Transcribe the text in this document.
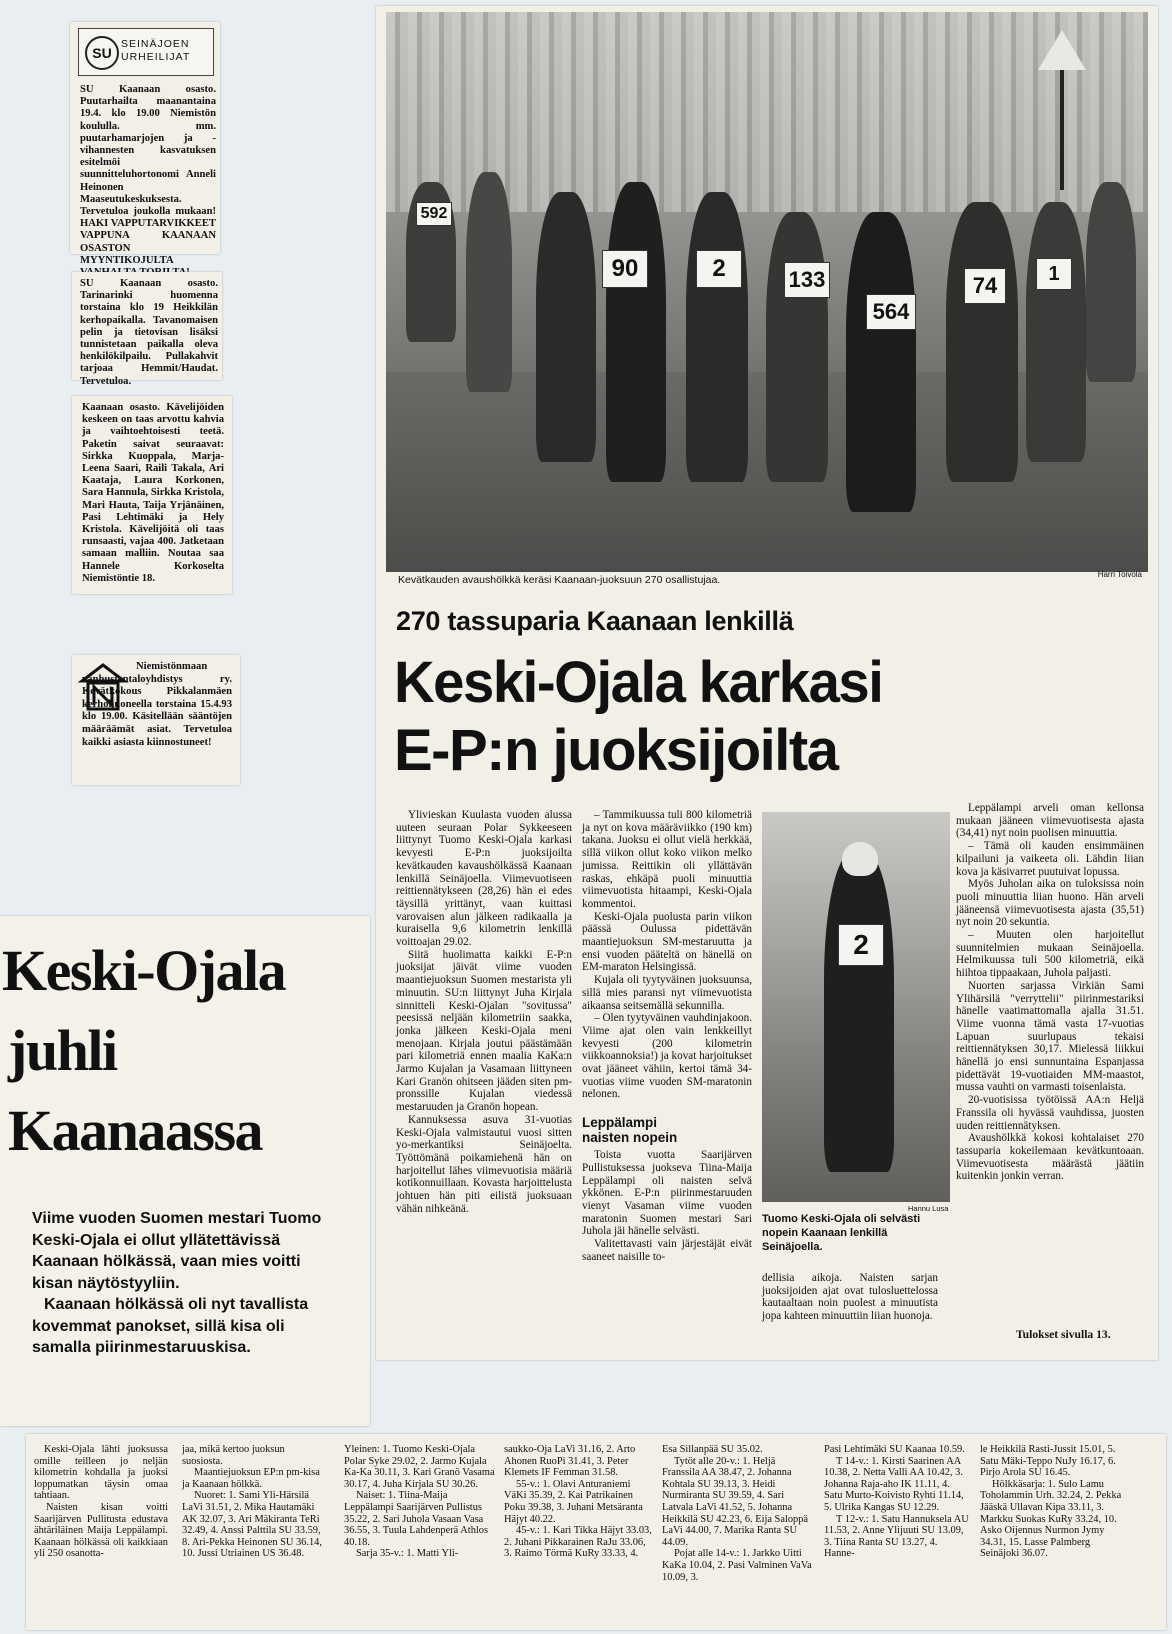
SU
SEINÄJOEN URHEILIJAT
SU Kaanaan osasto. Puutarhailta maanantaina 19.4. klo 19.00 Niemistön koululla. mm. puutarhamarjojen ja -vihannesten kasvatuksen esitelmöi suunnitteluhortonomi Anneli Heinonen Maaseutukeskuksesta. Tervetuloa joukolla mukaan! HAKI VAPPUTARVIKKEET VAPPUNA KAANAAN OSASTON MYYNTIKOJULTA
SU Kaanaan osasto. Tarinarinki huomenna torstaina klo 19 Heikkilän kerhopaikalla. Tavanomaisen pelin ja tietovisan lisäksi tunnistetaan paikalla oleva henkilökilpailu. Pullakahvit tarjoaa Hemmit/Haudat. Tervetuloa.
Kaanaan osasto. Kävelijöiden keskeen on taas arvottu kahvia ja vaihtoehtoisesti teetä. Paketin saivat seuraavat: Sirkka Kuoppala, Marja-Leena Saari, Raili Takala, Ari Kaataja, Laura Korkonen, Sara Hannula, Sirkka Kristola, Mari Hauta, Taija Yrjänäinen, Pasi Lehtimäki ja Hely Kristola. Kävelijöitä oli taas runsaasti, vajaa 400. Jatketaan samaan malliin. Noutaa saa Hannele Korkoselta Niemistöntie 18.
Niemistönmaan vanhustentaloyhdistys ry. Kevätkokous Pikkalanmäen kerhohuoneella torstaina 15.4.93 klo 19.00. Käsitellään sääntöjen määräämät asiat. Tervetuloa kaikki asiasta kiinnostuneet!
592
90	2	133
564
74	1
Kevätkauden avaushölkkä keräsi Kaanaan-juoksuun 270 osallistujaa.	Harri Toivola
270 tassuparia Kaanaan lenkillä
Keski-Ojala karkasi
E-P:n juoksijoilta
Ylivieskan Kuulasta vuoden alussa uuteen seuraan Polar Sykkeeseen liittynyt Tuomo Keski-Ojala karkasi kevyesti E-P:n juoksijoilta kevätkauden kavaushölkässä Kaanaan lenkillä Seinäjoella. Viimevuotiseen reittiennätykseen (28,26) hän ei edes täysillä yrittänyt, vaan kuittasi varovaisen alun jälkeen radikaalla ja kuraisella 9,6 kilometrin lenkillä voittoajan 29.02.
Siitä huolimatta kaikki E-P:n juoksijat jäivät viime vuoden maantiejuoksun Suomen mestarista yli minuutin. SU:n liittynyt Juha Kirjala sinnitteli Keski-Ojalan "sovitussa" peesissä neljään kilometriin saakka, jonka jälkeen Keski-Ojala meni menojaan. Kirjala joutui päästämään pari kilometriä ennen maalia KaKa:n Jarmo Kujalan ja Vasamaan liittyneen Kari Granön ohitseen jääden siten pm-pronssille Kujalan viedessä mestaruuden ja Granön hopean.
Kannuksessa asuva 31-vuotias Keski-Ojala valmistautui vuosi sitten yo-merkantiksi Seinäjoelta. Työttömänä poikamiehenä hän on harjoitellut lähes viimevuotisia määriä kotikonnuillaan. Kovasta harjoittelusta johtuen hän piti eilistä juoksuaan vähän nihkeänä.
– Tammikuussa tuli 800 kilometriä ja nyt on kova määräviikko (190 km) takana. Juoksu ei ollut vielä herkkää, sillä viikon ollut koko viikon melko jumissa. Reittikin oli yllättävän raskas, ehkäpä puoli minuuttia viimevuotista hitaampi, Keski-Ojala kommentoi.
Keski-Ojala puolusta parin viikon päässä Oulussa pidettävän maantiejuoksun SM-mestaruutta ja ensi vuoden pääteltä on hänellä on EM-maraton Helsingissä.
Kujala oli tyytyväinen juoksuunsa, sillä mies paransi nyt viimevuotista aikaansa seitsemällä sekunnilla.
– Olen tyytyväinen vauhdinjakoon. Viime ajat olen vain lenkkeillyt kevyesti (200 kilometrin viikkoannoksia!) ja kovat harjoitukset ovat jääneet vähiin, kertoi tämä 34-vuotias viime vuoden SM-maratonin nelonen.
Leppälampi naisten nopein
Toista vuotta Saarijärven Pullistuksessa juokseva Tiina-Maija Leppälampi oli naisten selvä ykkönen. E-P:n piirinmestaruuden vienyt Vasaman viime vuoden maratonin Suomen mestari Sari Juhola jäi hänelle selvästi.
Valitettavasti vain järjestäjät eivät saaneet naisille to-
2
Hannu Lusa
Tuomo Keski-Ojala oli selvästi nopein Kaanaan lenkillä Seinäjoella.
dellisia aikoja. Naisten sarjan juoksijoiden ajat ovat tulosluettelossa kautaaltaan noin puolest a minuutista jopa kahteen minuuttiin liian huonoja.
Leppälampi arveli oman kellonsa mukaan jääneen viimevuotisesta ajasta (34,41) nyt noin puolisen minuuttia.
– Tämä oli kauden ensimmäinen kilpailuni ja vaikeeta oli. Lähdin liian kova ja käsivarret puutuivat lopussa.
Myös Juholan aika on tuloksissa noin puoli minuuttia liian huono. Hän arveli jääneensä viimevuotisesta ajasta (35,51) nyt noin 20 sekuntia.
– Muuten olen harjoitellut suunnitelmien mukaan Seinäjoella. Helmikuussa tuli 500 kilometriä, eikä hiihtoa tippaakaan, Juhola paljasti.
Nuorten sarjassa Virkiän Sami Ylihärsilä "verryttelii" piirinmestariksi hänelle vaatimattomalla ajalla 31.51. Viime vuonna tämä vasta 17-vuotias Lapuan suurlupaus tekaisi reittiennätyksen 30,17. Mielessä liikkui hänellä jo ensi sunnuntaina Espanjassa pidettävät 19-vuotiaiden MM-maastot, mussa vauhti on varmasti toisenlaista.
20-vuotisissa työtöissä AA:n Heljä Franssila oli hyvässä vauhdissa, juosten uuden reittiennätyksen.
Avaushölkkä kokosi kohtalaiset 270 tassuparia kokeilemaan kevätkuntoaan. Viimevuotisesta määrästä jäätiin kuitenkin jonkin verran.
Tulokset sivulla 13.
Keski-Ojala
juhli
Kaanaassa
Viime vuoden Suomen mestari Tuomo Keski-Ojala ei ollut yllätettävissä Kaanaan hölkässä, vaan mies voitti kisan näytöstyyliin.
Kaanaan hölkässä oli nyt tavallista kovemmat panokset, sillä kisa oli samalla piirinmestaruuskisa.
Keski-Ojala lähti juoksussa omille teilleen jo neljän kilometrin kohdalla ja juoksi loppumatkan täysin omaa tahtiaan.
Naisten kisan voitti Saarijärven Pullitusta edustava ähtäriläinen Maija Leppälampi. Kaanaan hölkässä oli kaikkiaan yli 250 osanotta-
jaa, mikä kertoo juoksun suosiosta.
Maantiejuoksun EP:n pm-kisa ja Kaanaan hölkkä.
Nuoret: 1. Sami Yli-Härsilä LaVi 31.51, 2. Mika Hautamäki AK 32.07, 3. Ari Mäkiranta TeRi 32.49, 4. Anssi Palttila SU 33.59, 8. Ari-Pekka Heinonen SU 36.14, 10. Jussi Utriainen US 36.48.
Yleinen: 1. Tuomo Keski-Ojala Polar Syke 29.02, 2. Jarmo Kujala Ka-Ka 30.11, 3. Kari Granö Vasama 30.17, 4. Juha Kirjala SU 30.26.
Naiset: 1. Tiina-Maija Leppälampi Saarijärven Pullistus 35.22, 2. Sari Juhola Vasaan Vasa 36.55, 3. Tuula Lahdenperä Athlos 40.18.
Sarja 35-v.: 1. Matti Yli-
saukko-Oja LaVi 31.16, 2. Arto Ahonen RuoPi 31.41, 3. Peter Klemets IF Femman 31.58.
55-v.: 1. Olavi Anturaniemi VäKi 35.39, 2. Kai Patrikainen Poku 39.38, 3. Juhani Metsäranta Häjyt 40.22.
45-v.: 1. Kari Tikka Häjyt 33.03, 2. Juhani Pikkarainen RaJu 33.06, 3. Raimo Törmä KuRy 33.33, 4.
Esa Sillanpää SU 35.02.
Tytöt alle 20-v.: 1. Heljä Franssila AA 38.47, 2. Johanna Kohtala SU 39.13, 3. Heidi Nurmiranta SU 39.59, 4. Sari Latvala LaVi 41.52, 5. Johanna Heikkilä SU 42.23, 6. Eija Saloppä LaVi 44.00, 7. Marika Ranta SU 44.09.
Pojat alle 14-v.: 1. Jarkko Uitti KaKa 10.04, 2. Pasi Valminen VaVa 10.09, 3.
Pasi Lehtimäki SU Kaanaa 10.59.
T 14-v.: 1. Kirsti Saarinen AA 10.38, 2. Netta Valli AA 10.42, 3. Johanna Raja-aho IK 11.11, 4. Satu Murto-Koivisto Ryhti 11.14, 5. Ulrika Kangas SU 12.29.
T 12-v.: 1. Satu Hannuksela AU 11.53, 2. Anne Ylijuuti SU 13.09, 3. Tiina Ranta SU 13.27, 4. Hanne-
le Heikkilä Rasti-Jussit 15.01, 5. Satu Mäki-Teppo NuJy 16.17, 6. Pirjo Arola SU 16.45.
Hölkkäsarja: 1. Sulo Lamu Toholammin Urh. 32.24, 2. Pekka Jääskä Ullavan Kipa 33.11, 3. Markku Suokas KuRy 33.24, 10. Asko Oijennus Nurmon Jymy 34.31, 15. Lasse Palmberg Seinäjoki 36.07.
